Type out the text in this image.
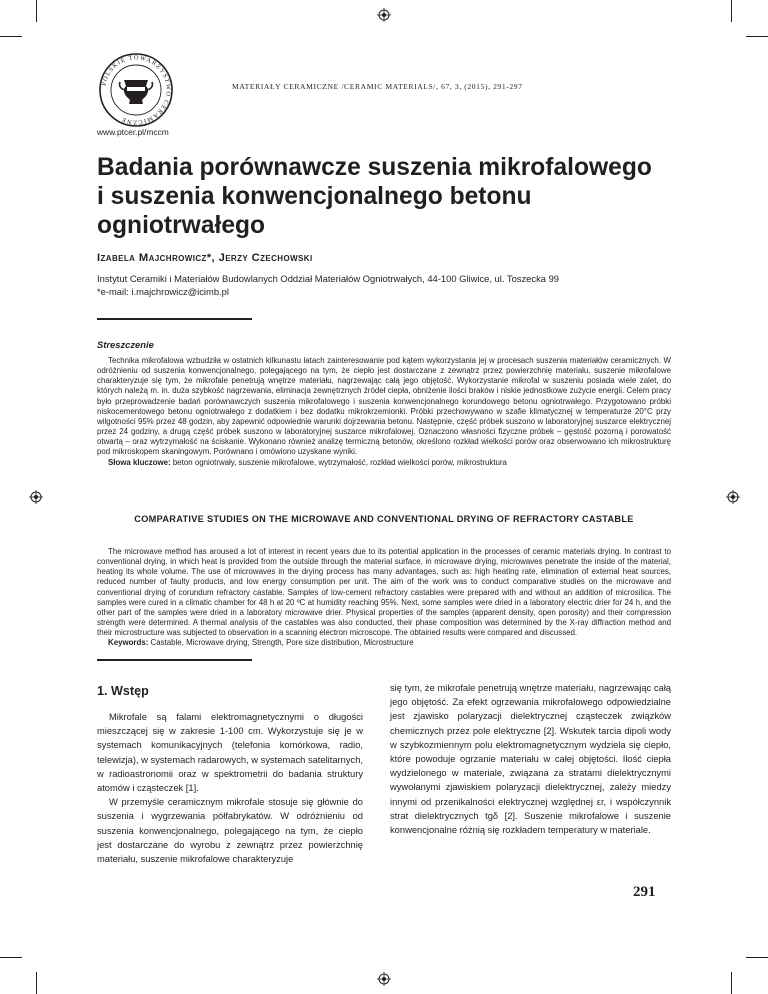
POLSKIE TOWARZYSTWO CERAMICZNE
MATERIAŁY CERAMICZNE /CERAMIC MATERIALS/, 67, 3, (2015), 291-297
www.ptcer.pl/mccm
Badania porównawcze suszenia mikrofalowego i suszenia konwencjonalnego betonu ogniotrwałego
Izabela Majchrowicz*, Jerzy Czechowski
Instytut Ceramiki i Materiałów Budowlanych Oddział Materiałów Ogniotrwałych, 44-100 Gliwice, ul. Toszecka 99
*e-mail: i.majchrowicz@icimb.pl
Streszczenie

Technika mikrofalowa wzbudziła w ostatnich kilkunastu latach zainteresowanie pod kątem wykorzystania jej w procesach suszenia materiałów ceramicznych. W odróżnieniu od suszenia konwencjonalnego, polegającego na tym, że ciepło jest dostarczane z zewnątrz przez powierzchnię materiału, suszenie mikrofalowe charakteryzuje się tym, że mikrofale penetrują wnętrze materiału, nagrzewając całą jego objętość. Wykorzystanie mikrofal w suszeniu posiada wiele zalet, do których należą m. in. duża szybkość nagrzewania, eliminacja zewnętrznych źródeł ciepła, obniżenie ilości braków i niskie jednostkowe zużycie energii. Celem pracy było przeprowadzenie badań porównawczych suszenia mikrofalowego i suszenia konwencjonalnego korundowego betonu ogniotrwałego. Przygotowano próbki niskocementowego betonu ogniotrwałego z dodatkiem i bez dodatku mikrokrzemionki. Próbki przechowywano w szafie klimatycznej w temperaturze 20°C przy wilgotności 95% przez 48 godzin, aby zapewnić odpowiednie warunki dojrzewania betonu. Następnie, część próbek suszono w laboratoryjnej suszarce elektrycznej przez 24 godziny, a drugą część próbek suszono w laboratoryjnej suszarce mikrofalowej. Oznaczono własności fizyczne próbek – gęstość pozorną i porowatość otwartą – oraz wytrzymałość na ściskanie. Wykonano również analizę termiczną betonów, określono rozkład wielkości porów oraz obserwowano ich mikrostrukturę pod mikroskopem skaningowym. Porównano i omówiono uzyskane wyniki.

Słowa kluczowe: beton ogniotrwały, suszenie mikrofalowe, wytrzymałość, rozkład wielkości porów, mikrostruktura

COMPARATIVE STUDIES ON THE MICROWAVE AND CONVENTIONAL DRYING OF REFRACTORY CASTABLE

The microwave method has aroused a lot of interest in recent years due to its potential application in the processes of ceramic materials drying. In contrast to conventional drying, in which heat is provided from the outside through the material surface, in microwave drying, microwaves penetrate the inside of the material, heating its whole volume. The use of microwaves in the drying process has many advantages, such as: high heating rate, elimination of external heat sources, reduced number of faulty products, and low energy consumption per unit. The aim of the work was to conduct comparative studies on the microwave and conventional drying of corundum refractory castable. Samples of low-cement refractory castables were prepared with and without an addition of microsilica. The samples were cured in a climatic chamber for 48 h at 20 ºC at humidity reaching 95%. Next, some samples were dried in a laboratory electric drier for 24 h, and the other part of the samples were dried in a laboratory microwave drier. Physical properties of the samples (apparent density, open porosity) and their compression strength were determined. A thermal analysis of the castables was also conducted, their phase composition was determined by the X-ray diffraction method and their microstructure was subjected to observation in a scanning electron microscope. The obtained results were compared and discussed.

Keywords: Castable, Microwave drying, Strength, Pore size distribution, Microstructure

1. Wstęp

Mikrofale są falami elektromagnetycznymi o długości mieszczącej się w zakresie 1-100 cm. Wykorzystuje się je w systemach komunikacyjnych (telefonia komórkowa, radio, telewizja), w systemach radarowych, w systemach satelitarnych, w radioastronomii oraz w spektrometrii do badania struktury atomów i cząsteczek [1].

W przemyśle ceramicznym mikrofale stosuje się głównie do suszenia i wygrzewania półfabrykatów. W odróżnieniu od suszenia konwencjonalnego, polegającego na tym, że ciepło jest dostarczane do wyrobu z zewnątrz przez powierzchnię materiału, suszenie mikrofalowe charakteryzuje

się tym, że mikrofale penetrują wnętrze materiału, nagrzewając całą jego objętość. Za efekt ogrzewania mikrofalowego odpowiedzialne jest zjawisko polaryzacji dielektrycznej cząsteczek związków chemicznych przez pole elektryczne [2]. Wskutek tarcia dipoli wody w szybkozmiennym polu elektromagnetycznym wydziela się ciepło, które powoduje ogrzanie materiału w całej objętości. Ilość ciepła wydzielonego w materiale, związana za stratami dielektrycznymi wywołanymi zjawiskiem polaryzacji dielektrycznej, zależy miedzy innymi od przenikalności elektrycznej względnej εr, i współczynnik strat dielektrycznych tgδ [2]. Suszenie mikrofalowe i suszenie konwencjonalne różnią się rozkładem temperatury w materiale.

291
